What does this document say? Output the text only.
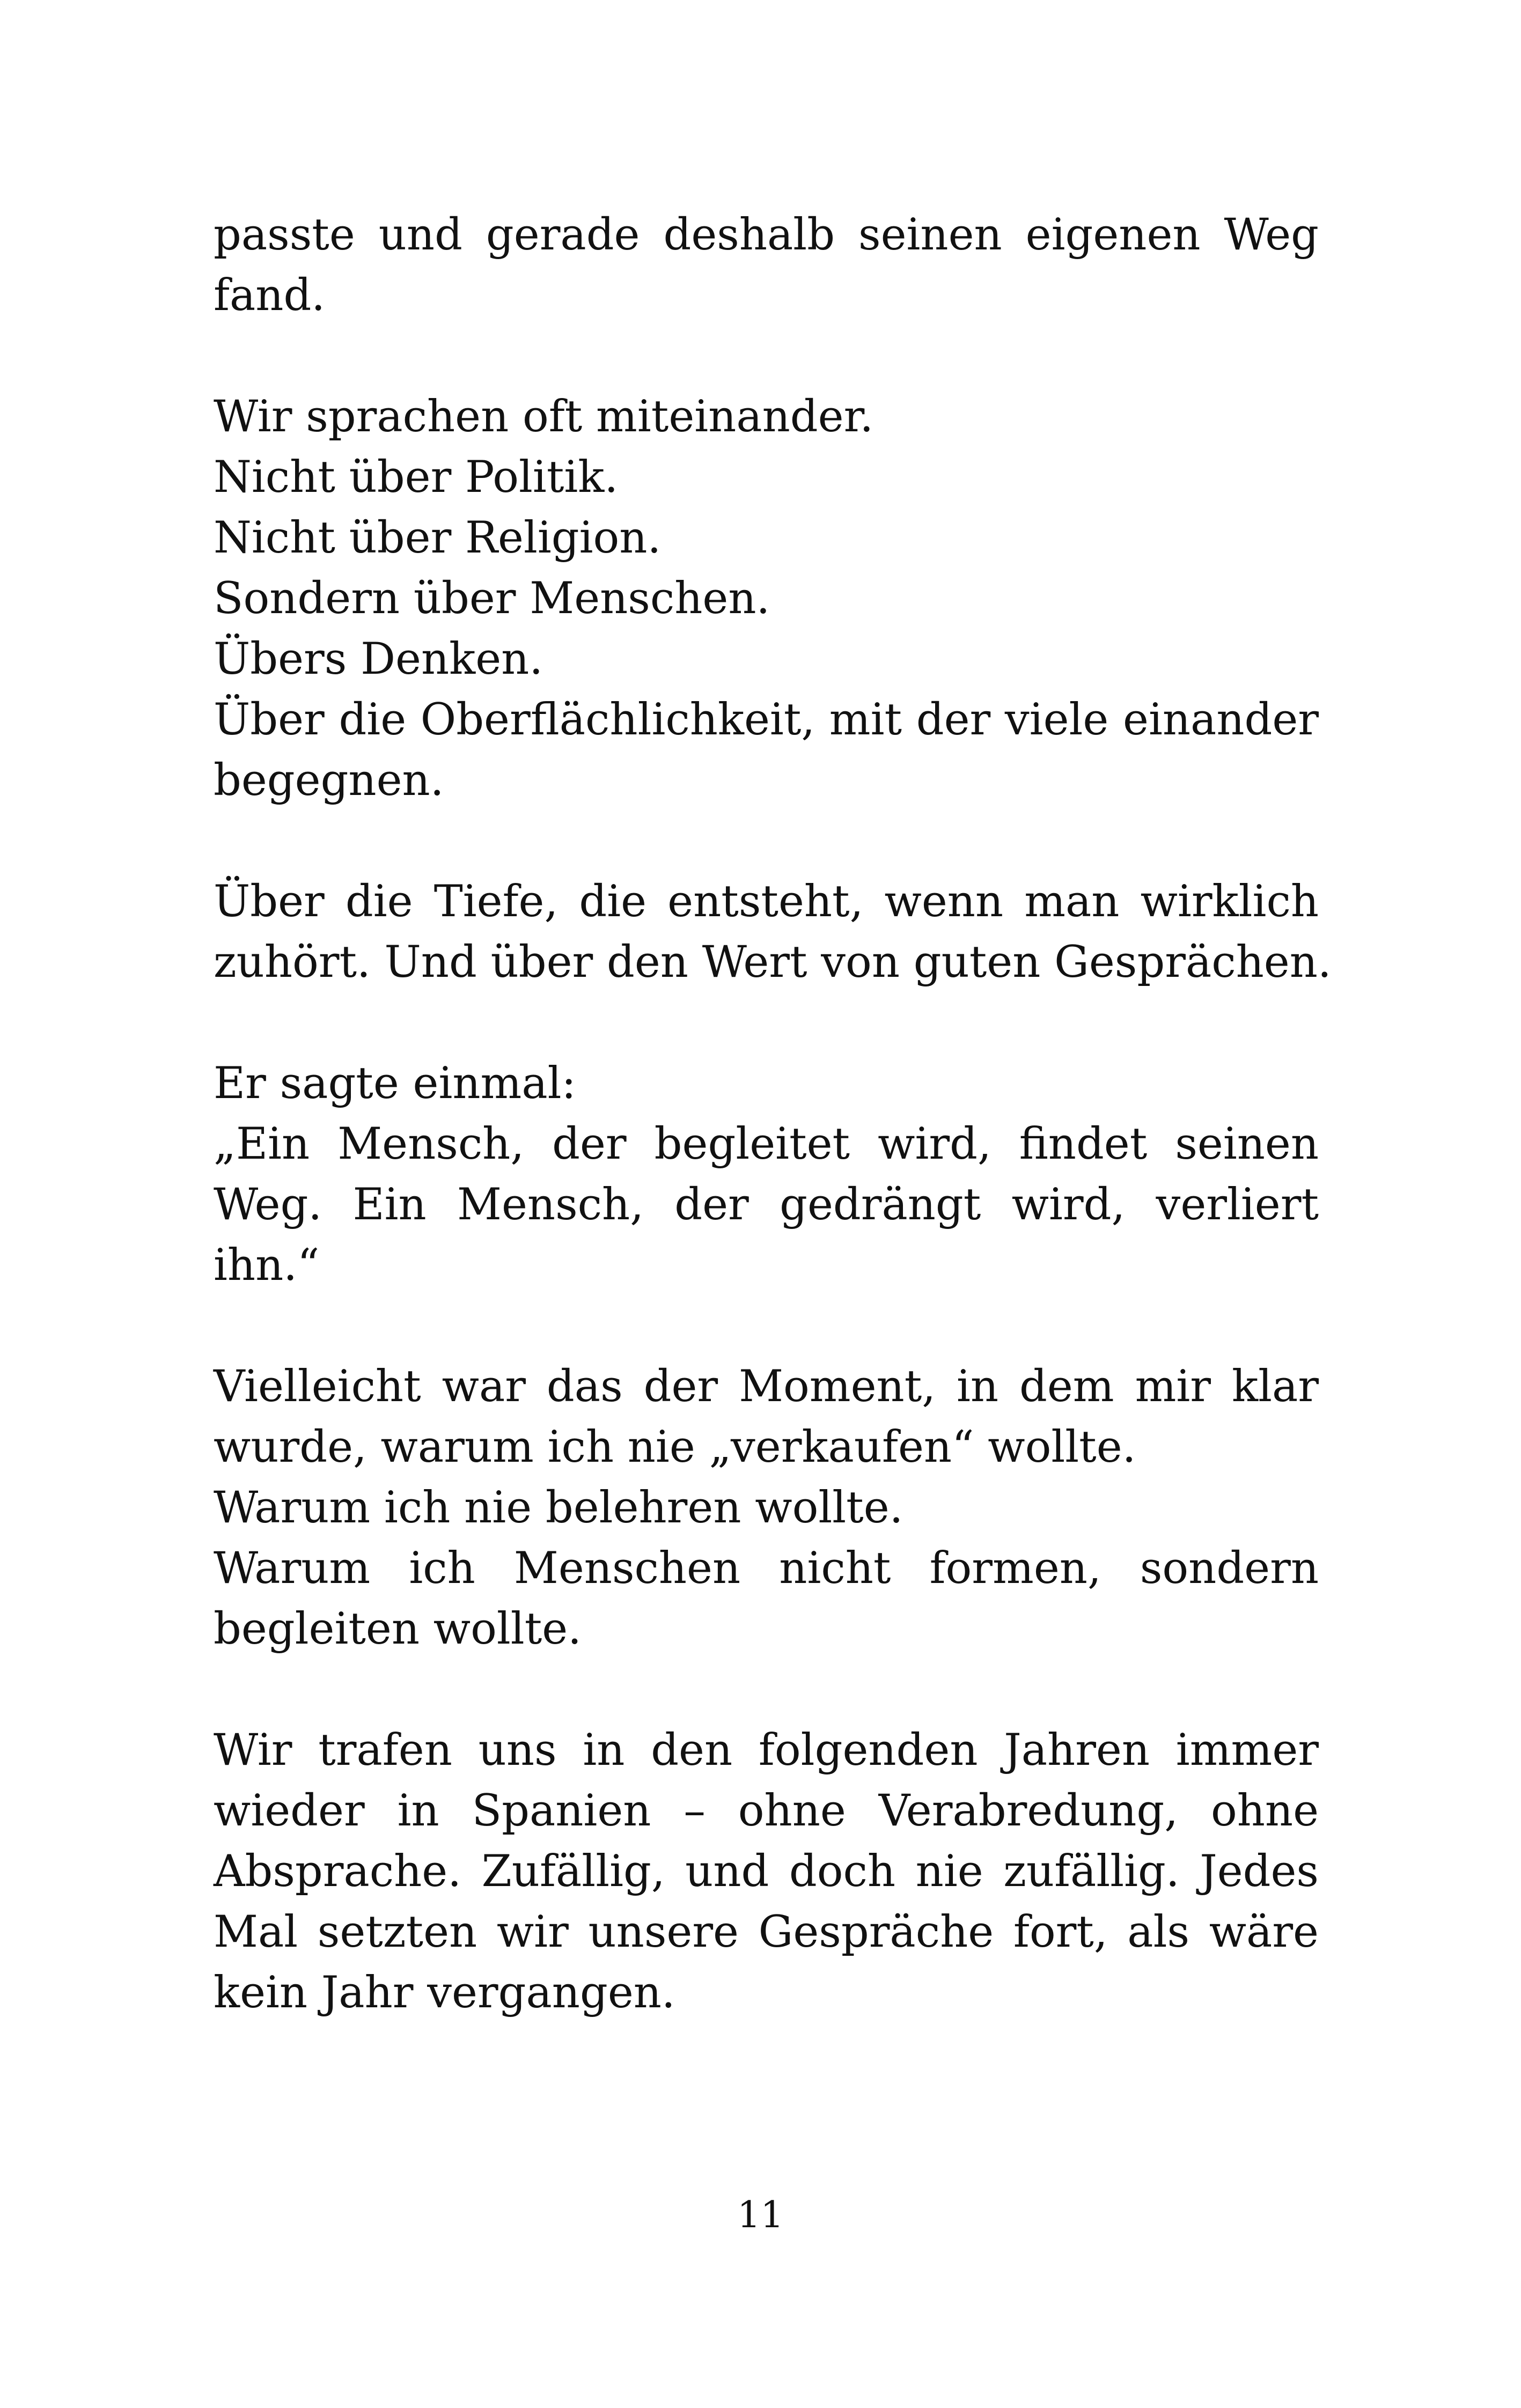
passte und gerade deshalb seinen eigenen Weg
fand.
Wir sprachen oft miteinander.
Nicht über Politik.
Nicht über Religion.
Sondern über Menschen.
Übers Denken.
Über die Oberflächlichkeit, mit der viele einander
begegnen.
Über die Tiefe, die entsteht, wenn man wirklich
zuhört. Und über den Wert von guten Gesprächen.
Er sagte einmal:
„Ein Mensch, der begleitet wird, findet seinen
Weg. Ein Mensch, der gedrängt wird, verliert
ihn.“
Vielleicht war das der Moment, in dem mir klar
wurde, warum ich nie „verkaufen“ wollte.
Warum ich nie belehren wollte.
Warum ich Menschen nicht formen, sondern
begleiten wollte.
Wir trafen uns in den folgenden Jahren immer
wieder in Spanien – ohne Verabredung, ohne
Absprache. Zufällig, und doch nie zufällig. Jedes
Mal setzten wir unsere Gespräche fort, als wäre
kein Jahr vergangen.
11
